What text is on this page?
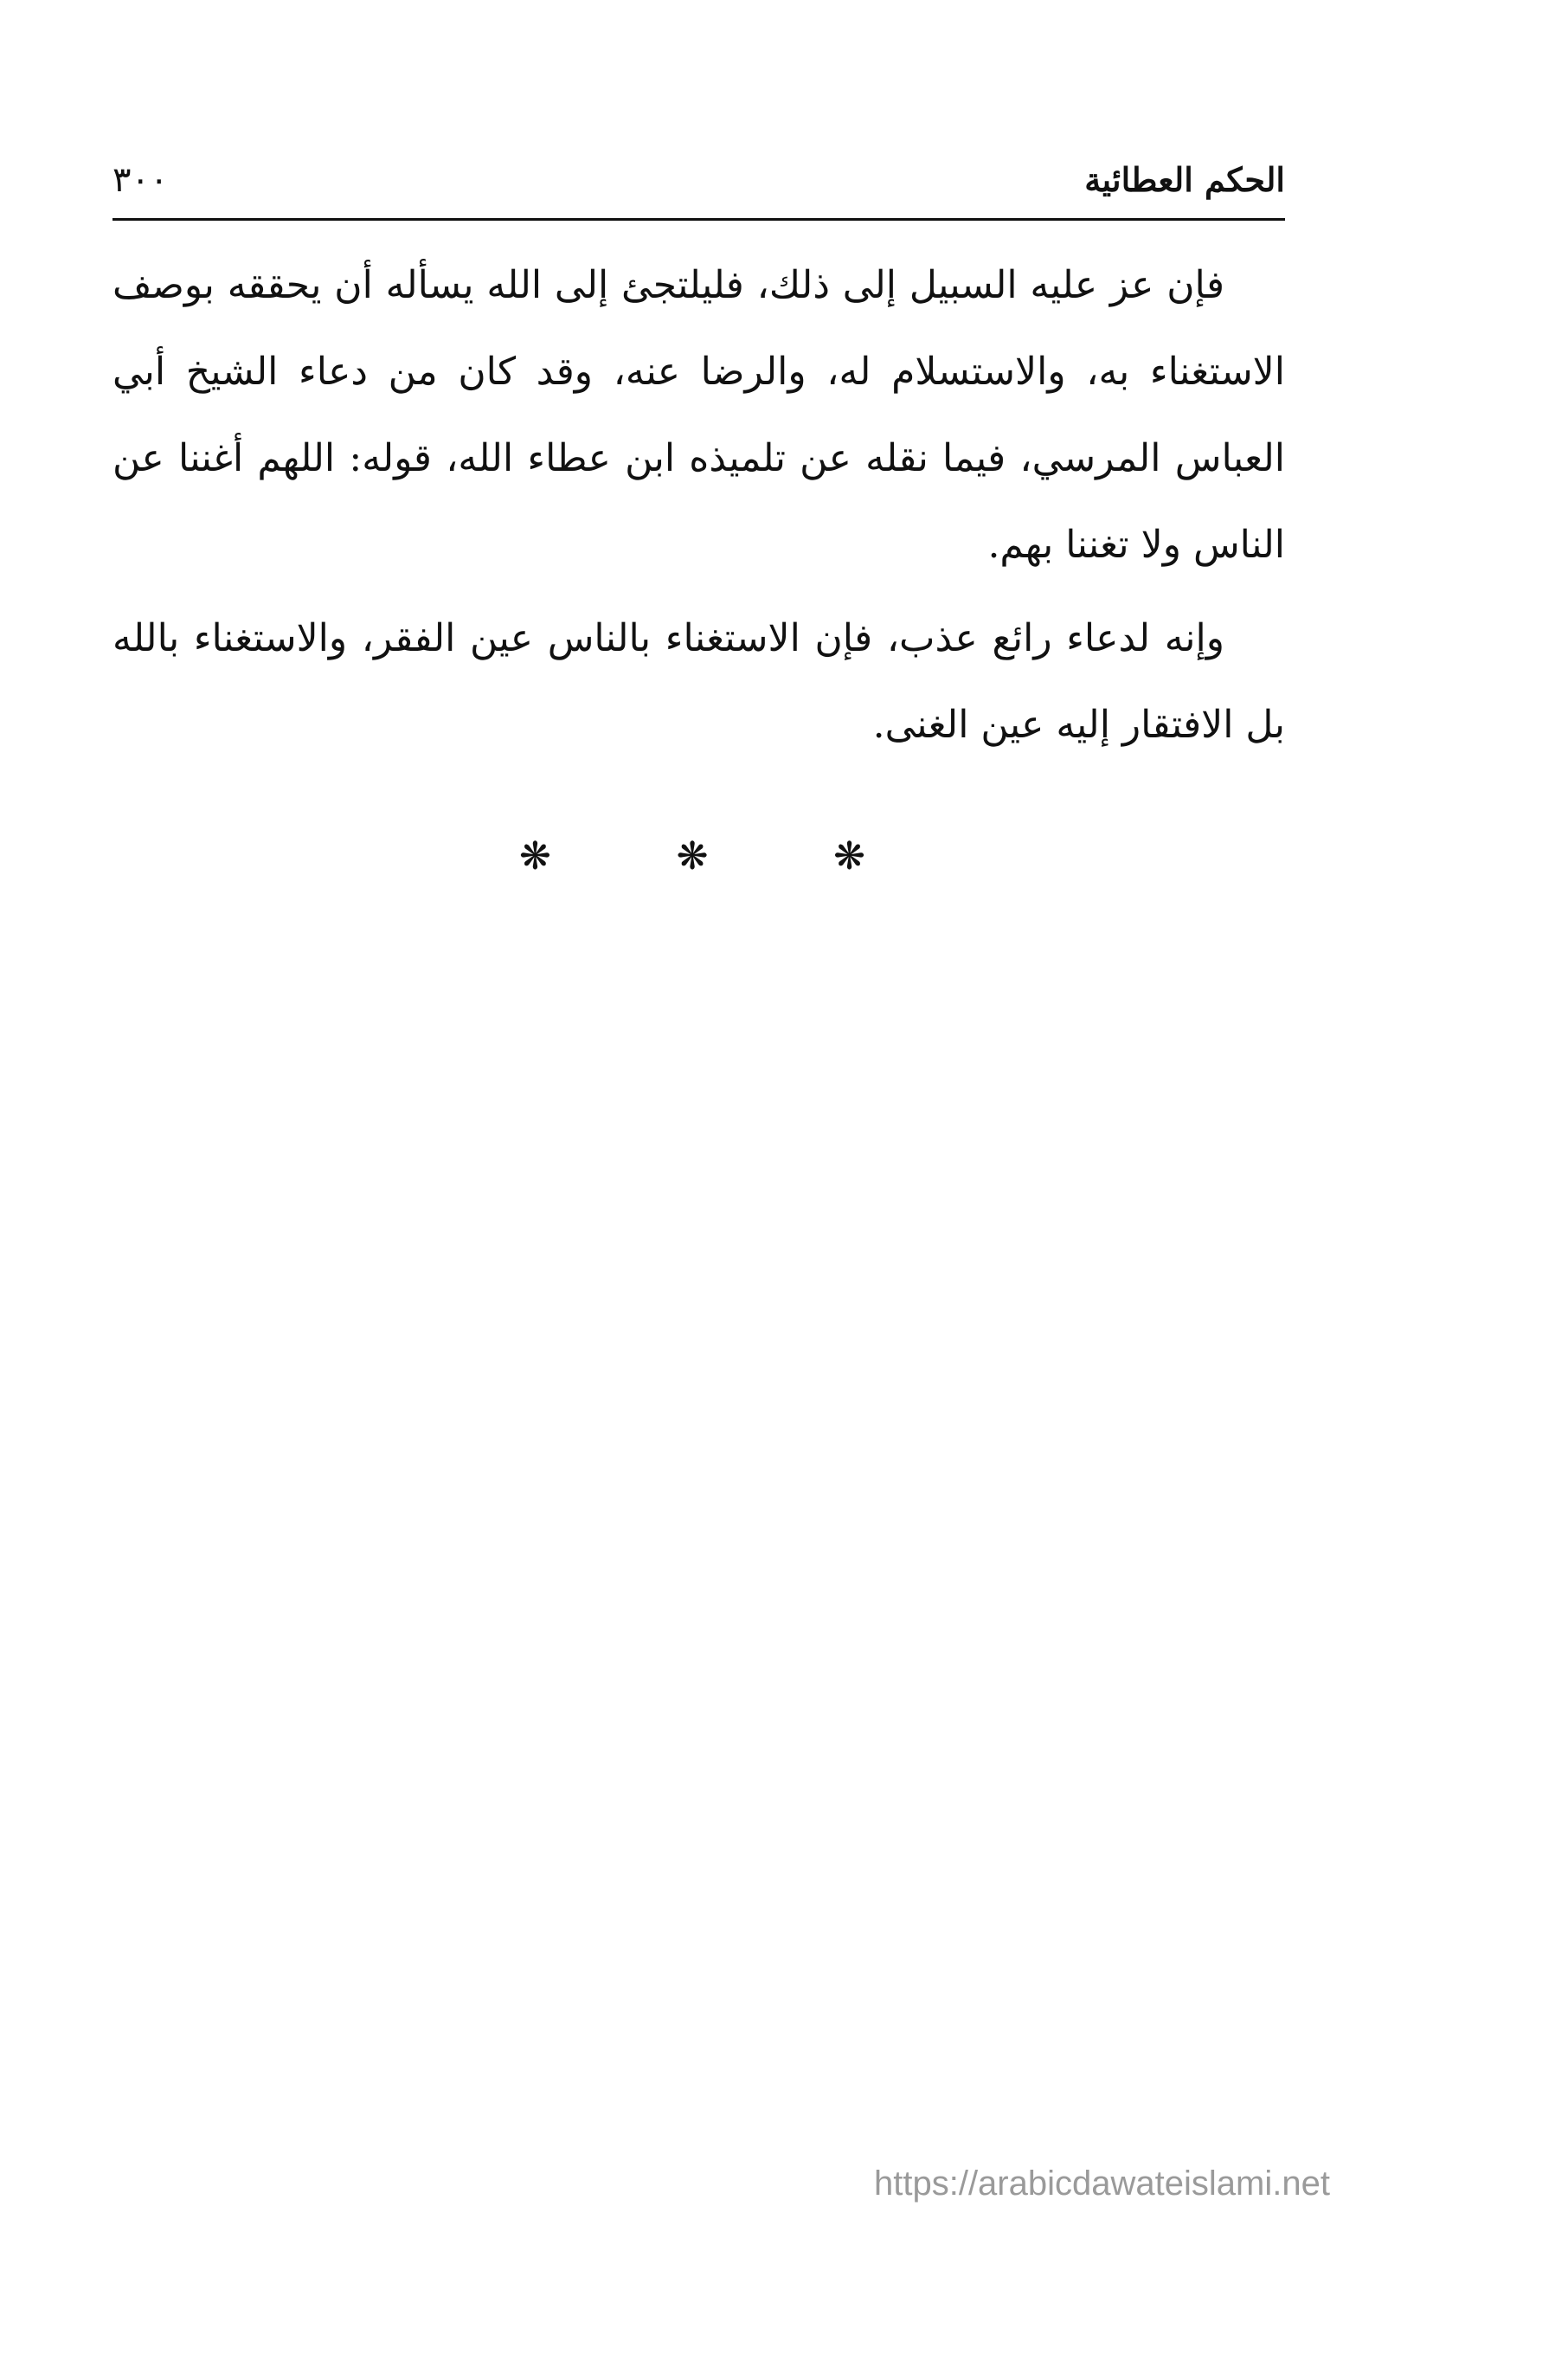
الحكم العطائية
٣٠٠

فإن عز عليه السبيل إلى ذلك، فليلتجئ إلى الله يسأله أن يحققه بوصف الاستغناء به، والاستسلام له، والرضا عنه، وقد كان من دعاء الشيخ أبي العباس المرسي، فيما نقله عن تلميذه ابن عطاء الله، قوله: اللهم أغننا عن الناس ولا تغننا بهم.

وإنه لدعاء رائع عذب، فإن الاستغناء بالناس عين الفقر، والاستغناء بالله بل الافتقار إليه عين الغنى.

❋	❋	❋
https://arabicdawateislami.net
